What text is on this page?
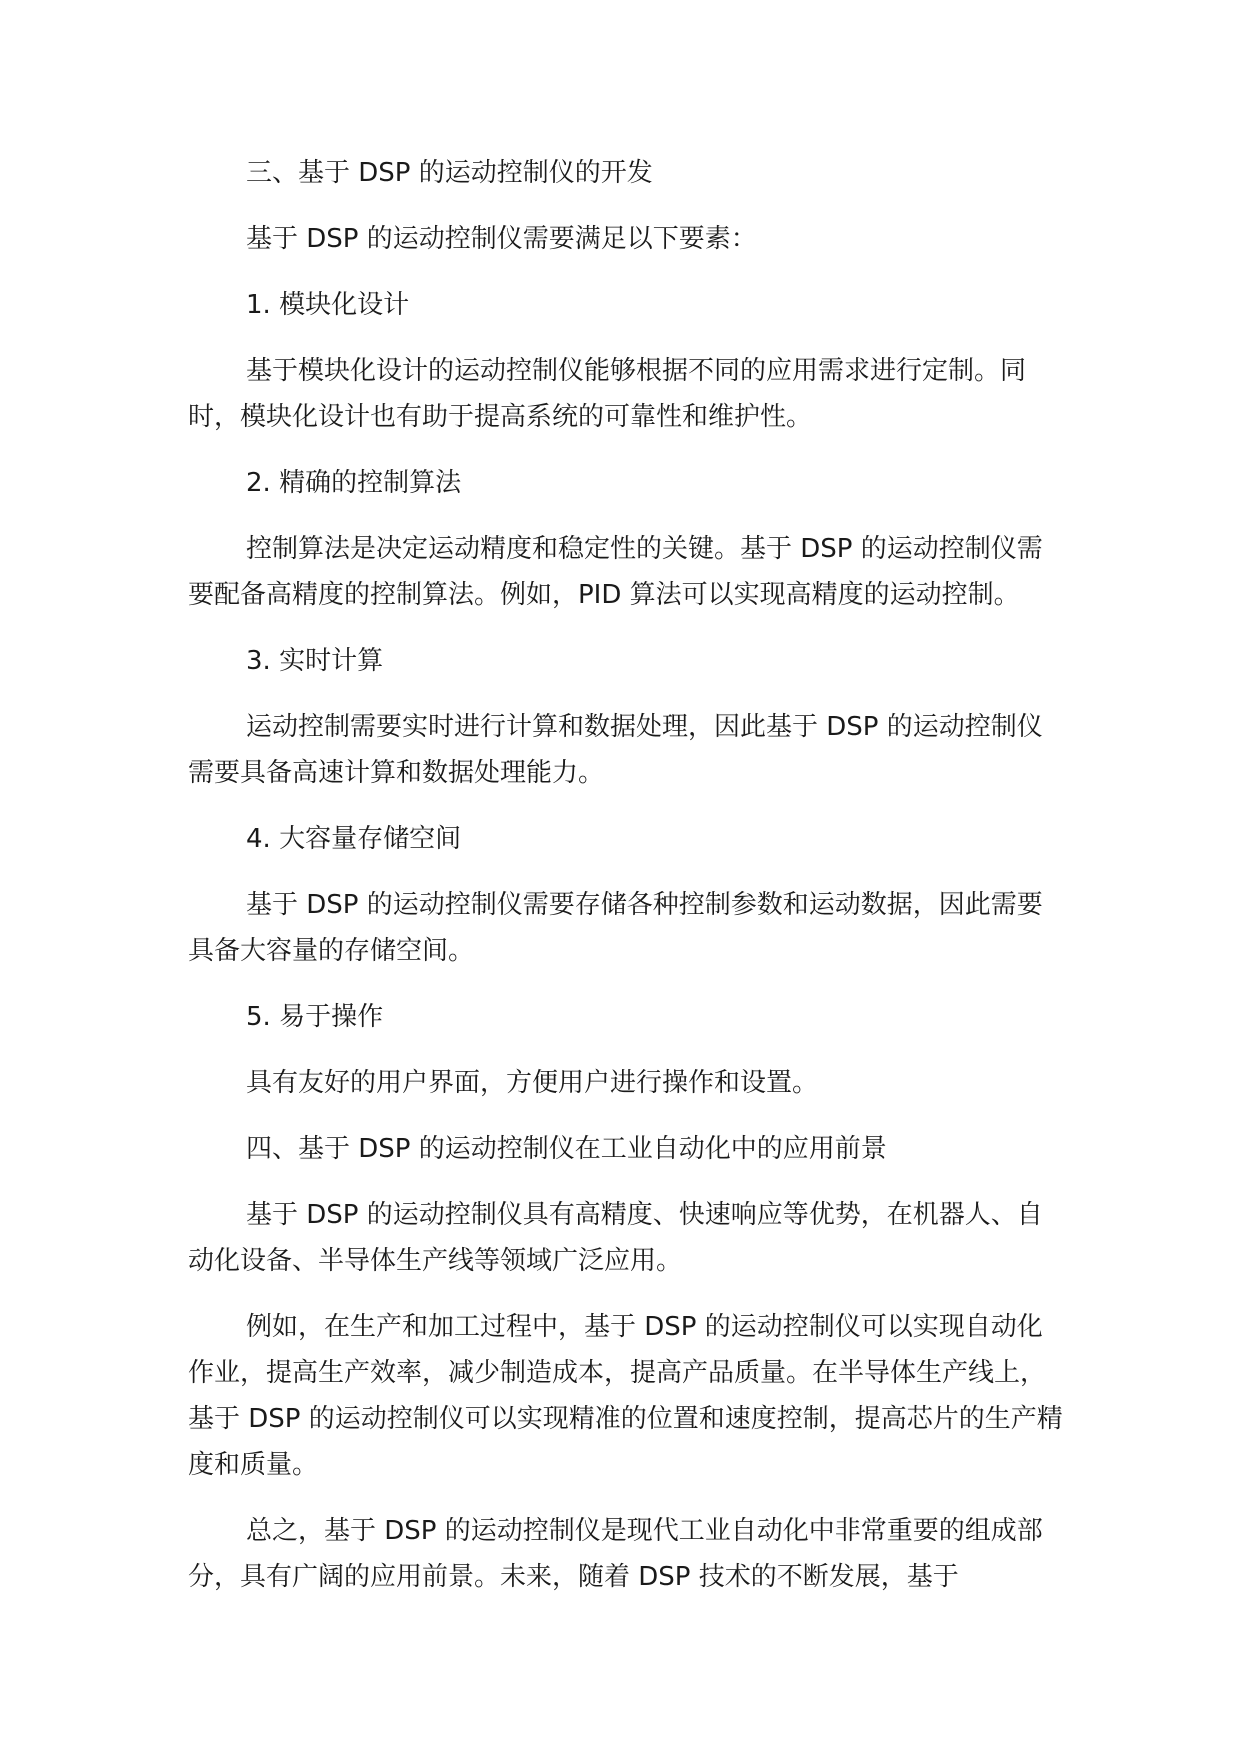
三、基于 DSP 的运动控制仪的开发

基于 DSP 的运动控制仪需要满足以下要素：

1. 模块化设计

基于模块化设计的运动控制仪能够根据不同的应用需求进行定制。同时，模块化设计也有助于提高系统的可靠性和维护性。

2. 精确的控制算法

控制算法是决定运动精度和稳定性的关键。基于 DSP 的运动控制仪需要配备高精度的控制算法。例如，PID 算法可以实现高精度的运动控制。

3. 实时计算

运动控制需要实时进行计算和数据处理，因此基于 DSP 的运动控制仪需要具备高速计算和数据处理能力。

4. 大容量存储空间

基于 DSP 的运动控制仪需要存储各种控制参数和运动数据，因此需要具备大容量的存储空间。

5. 易于操作

具有友好的用户界面，方便用户进行操作和设置。

四、基于 DSP 的运动控制仪在工业自动化中的应用前景

基于 DSP 的运动控制仪具有高精度、快速响应等优势，在机器人、自动化设备、半导体生产线等领域广泛应用。

例如，在生产和加工过程中，基于 DSP 的运动控制仪可以实现自动化作业，提高生产效率，减少制造成本，提高产品质量。在半导体生产线上，基于 DSP 的运动控制仪可以实现精准的位置和速度控制，提高芯片的生产精度和质量。

总之，基于 DSP 的运动控制仪是现代工业自动化中非常重要的组成部分，具有广阔的应用前景。未来，随着 DSP 技术的不断发展，基于
